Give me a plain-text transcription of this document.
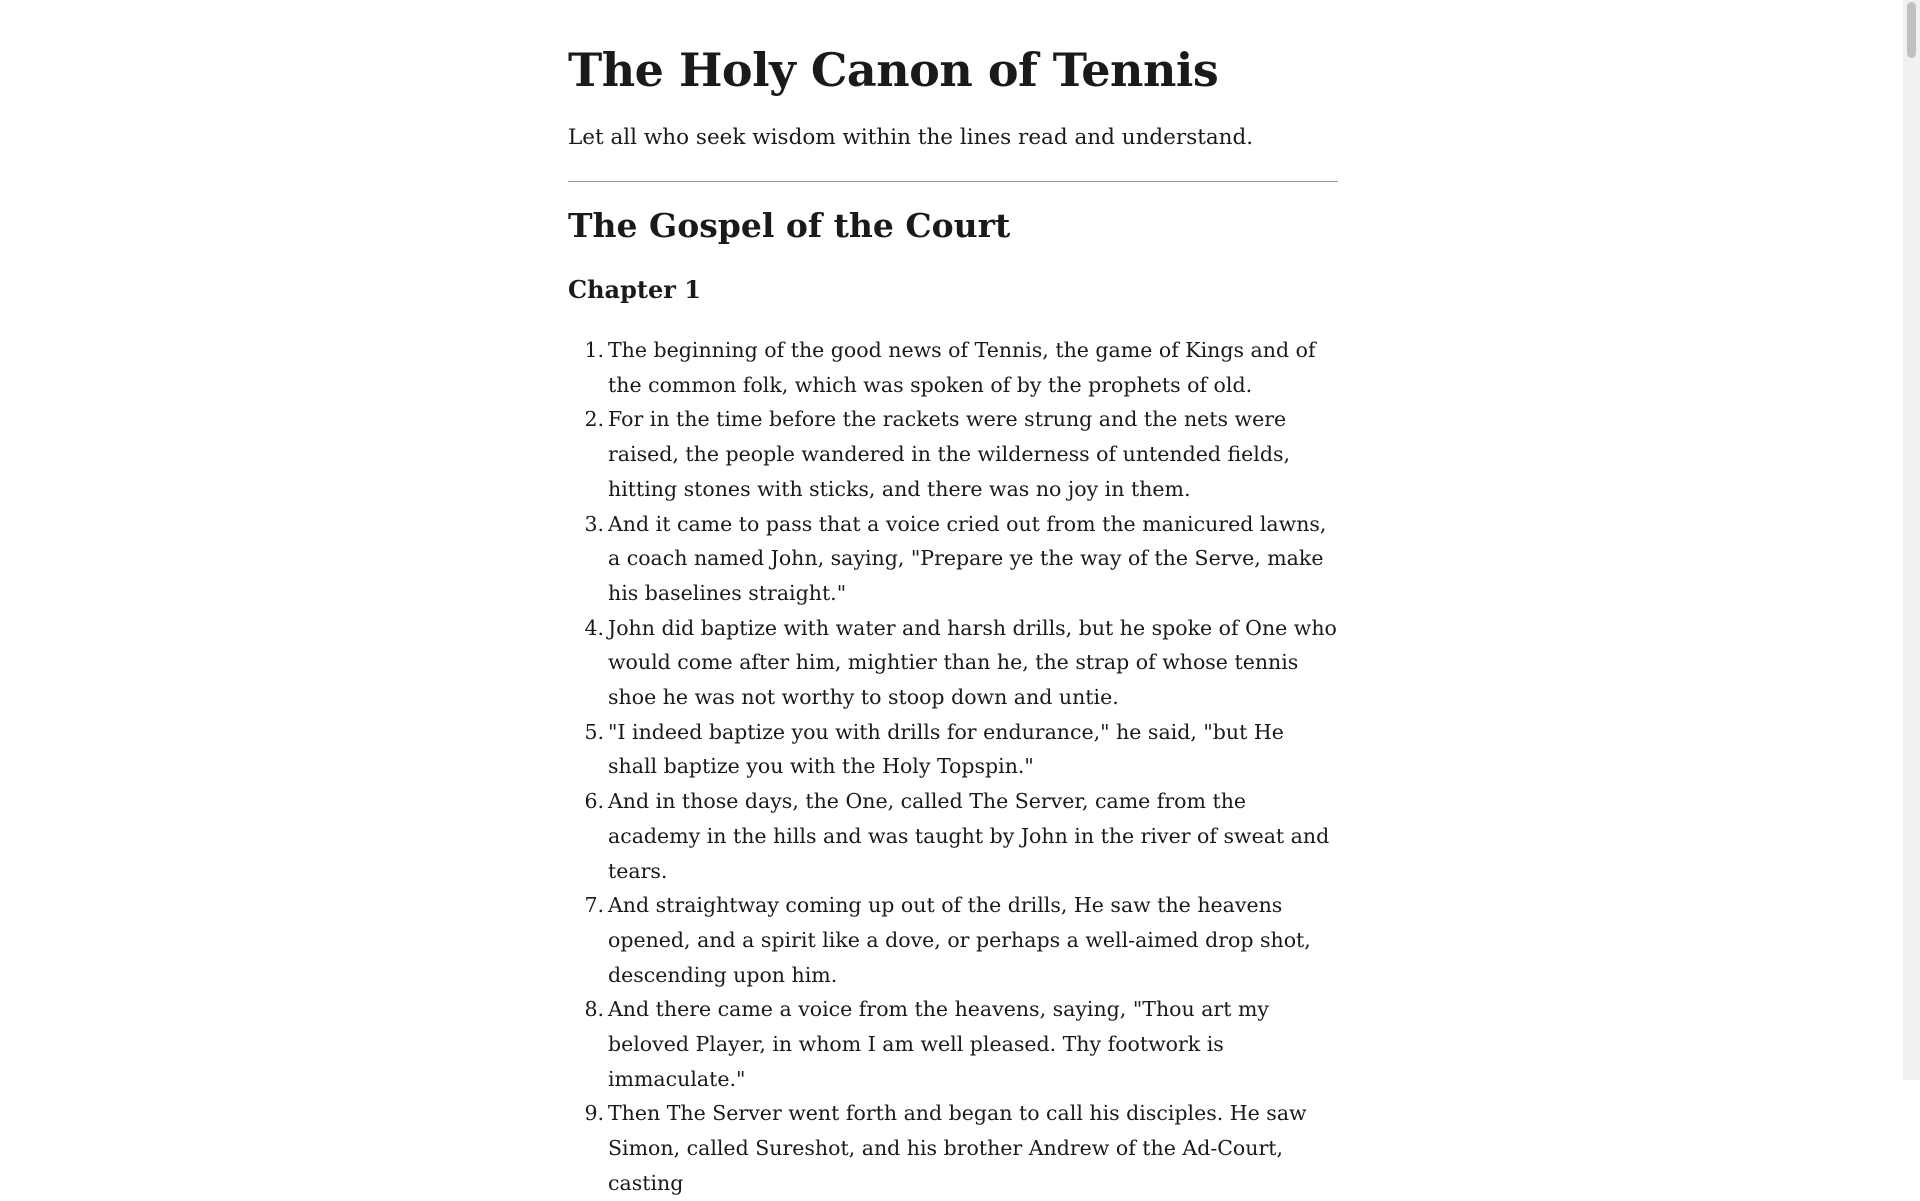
The Holy Canon of Tennis

Let all who seek wisdom within the lines read and understand.

The Gospel of the Court
Chapter 1
1. The beginning of the good news of Tennis, the game of Kings and of the common folk, which was spoken of by the prophets of old.
2. For in the time before the rackets were strung and the nets were raised, the people wandered in the wilderness of untended fields, hitting stones with sticks, and there was no joy in them.
3. And it came to pass that a voice cried out from the manicured lawns, a coach named John, saying, "Prepare ye the way of the Serve, make his baselines straight."
4. John did baptize with water and harsh drills, but he spoke of One who would come after him, mightier than he, the strap of whose tennis shoe he was not worthy to stoop down and untie.
5. "I indeed baptize you with drills for endurance," he said, "but He shall baptize you with the Holy Topspin."
6. And in those days, the One, called The Server, came from the academy in the hills and was taught by John in the river of sweat and tears.
7. And straightway coming up out of the drills, He saw the heavens opened, and a spirit like a dove, or perhaps a well-aimed drop shot, descending upon him.
8. And there came a voice from the heavens, saying, "Thou art my beloved Player, in whom I am well pleased. Thy footwork is immaculate."
9. Then The Server went forth and began to call his disciples. He saw Simon, called Sureshot, and his brother Andrew of the Ad-Court, casting
